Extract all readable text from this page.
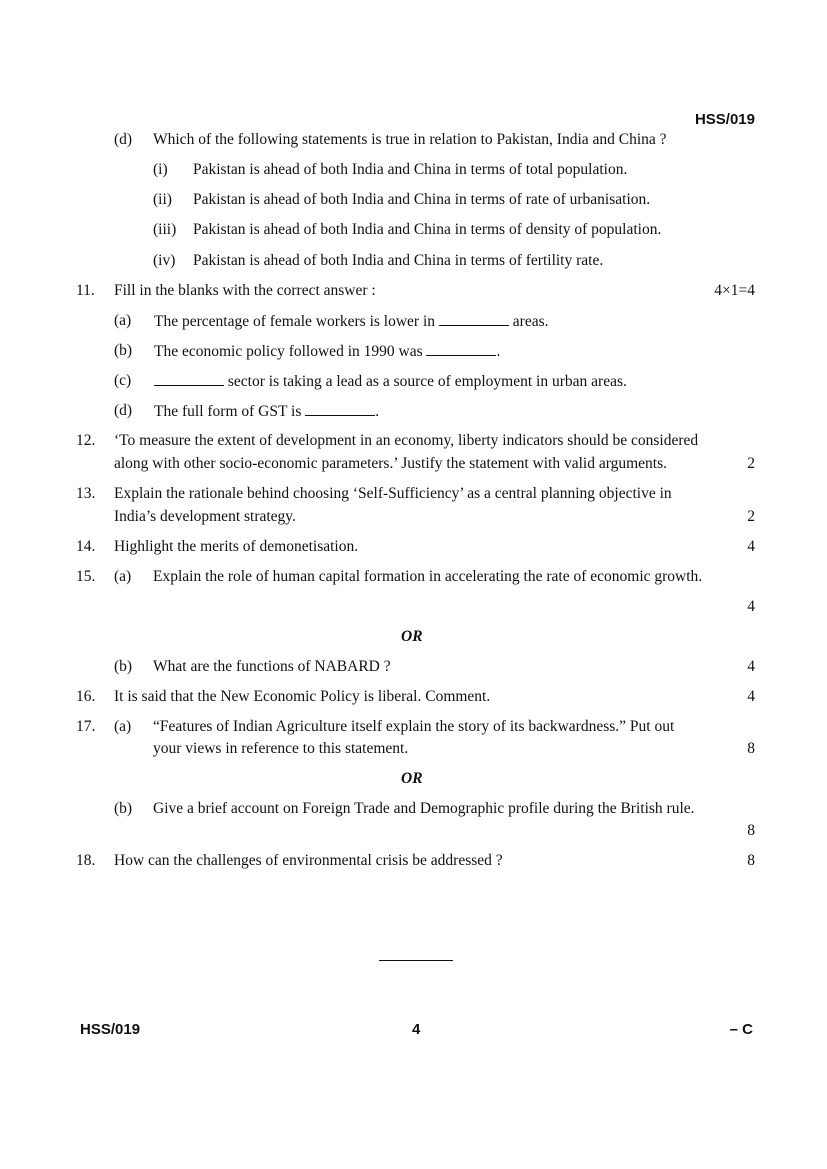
HSS/019
(d) Which of the following statements is true in relation to Pakistan, India and China ?
(i) Pakistan is ahead of both India and China in terms of total population.
(ii) Pakistan is ahead of both India and China in terms of rate of urbanisation.
(iii) Pakistan is ahead of both India and China in terms of density of population.
(iv) Pakistan is ahead of both India and China in terms of fertility rate.
11. Fill in the blanks with the correct answer :	4×1=4
(a) The percentage of female workers is lower in	areas.
(b) The economic policy followed in 1990 was	.
(c)	sector is taking a lead as a source of employment in urban areas.
(d) The full form of GST is	.
12. ‘To measure the extent of development in an economy, liberty indicators should be considered
along with other socio-economic parameters.’ Justify the statement with valid arguments.	2
13. Explain the rationale behind choosing ‘Self-Sufficiency’ as a central planning objective in
India’s development strategy.	2
14. Highlight the merits of demonetisation.	4
15. (a) Explain the role of human capital formation in accelerating the rate of economic growth.
4
OR
(b) What are the functions of NABARD ?	4
16. It is said that the New Economic Policy is liberal. Comment.	4
17. (a) “Features of Indian Agriculture itself explain the story of its backwardness.” Put out
your views in reference to this statement.	8
OR
(b) Give a brief account on Foreign Trade and Demographic profile during the British rule.
8
18. How can the challenges of environmental crisis be addressed ?	8
HSS/019	4	– C
